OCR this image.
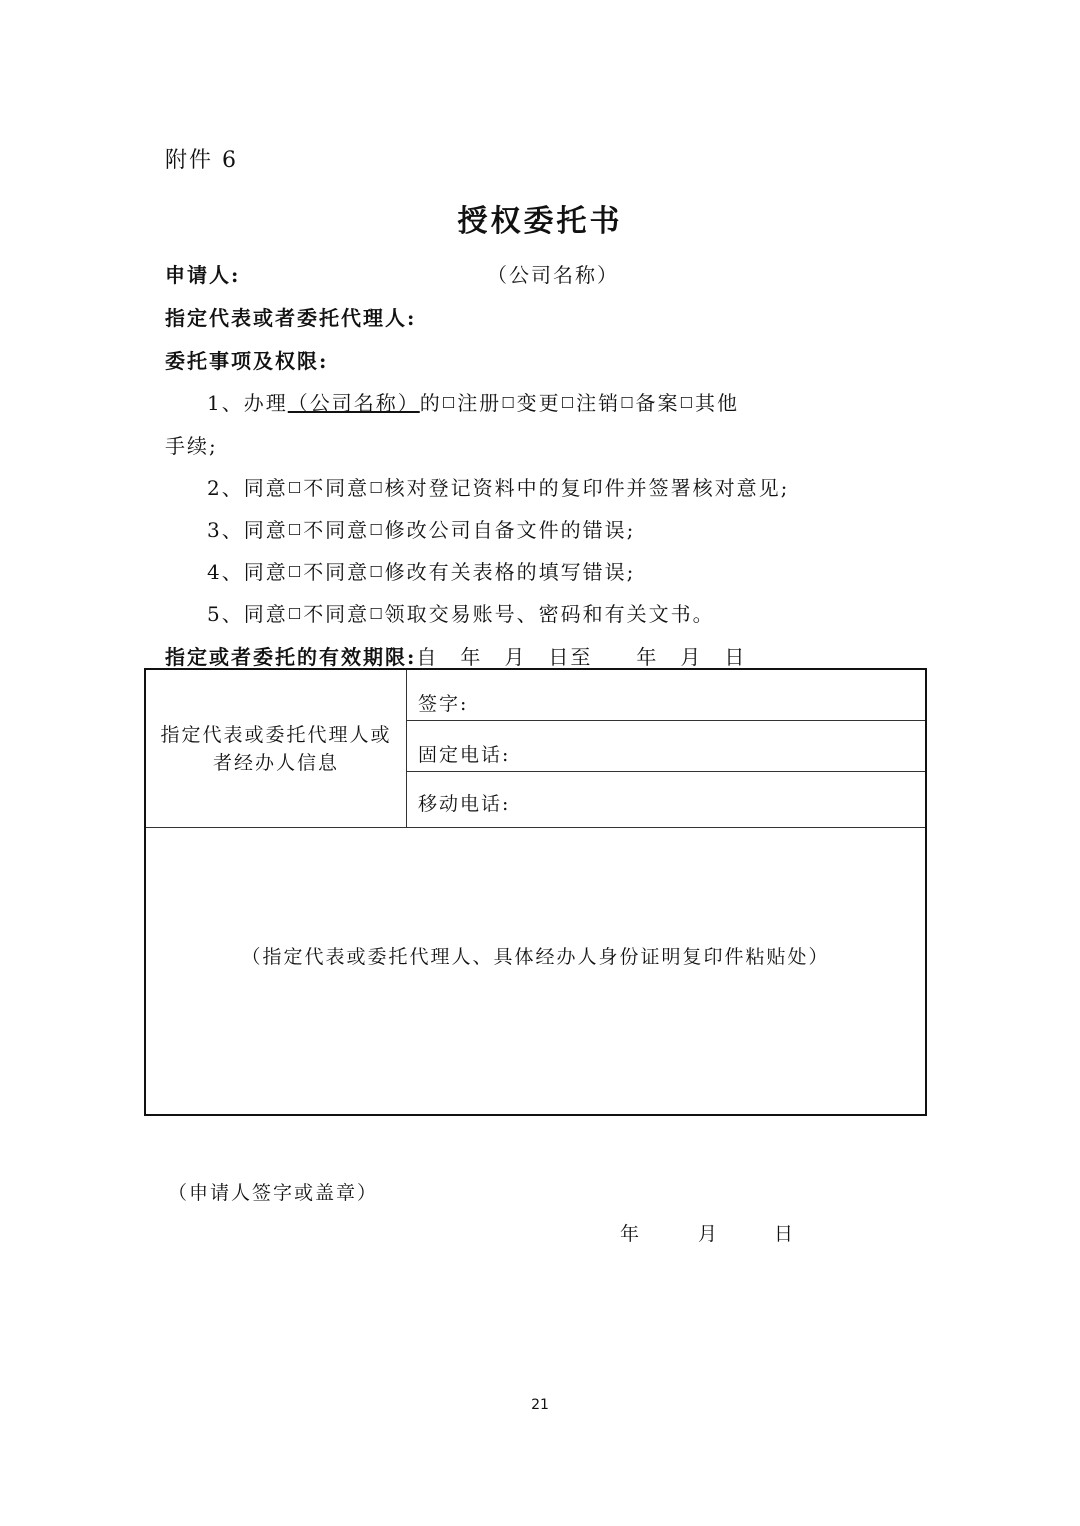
附件 6
授权委托书
申请人:	（公司名称）
指定代表或者委托代理人:
委托事项及权限:
1、办理（公司名称）的☐注册☐变更☐注销☐备案☐其他
手续;
2、同意☐不同意☐核对登记资料中的复印件并签署核对意见;
3、同意☐不同意☐修改公司自备文件的错误;
4、同意☐不同意☐修改有关表格的填写错误;
5、同意☐不同意☐领取交易账号、密码和有关文书。
指定或者委托的有效期限:自　年　月　日至　　年　月　日
指定代表或委托代理人或者经办人信息
签字:
固定电话:
移动电话:
（指定代表或委托代理人、具体经办人身份证明复印件粘贴处）
（申请人签字或盖章）
年	月	日
21
